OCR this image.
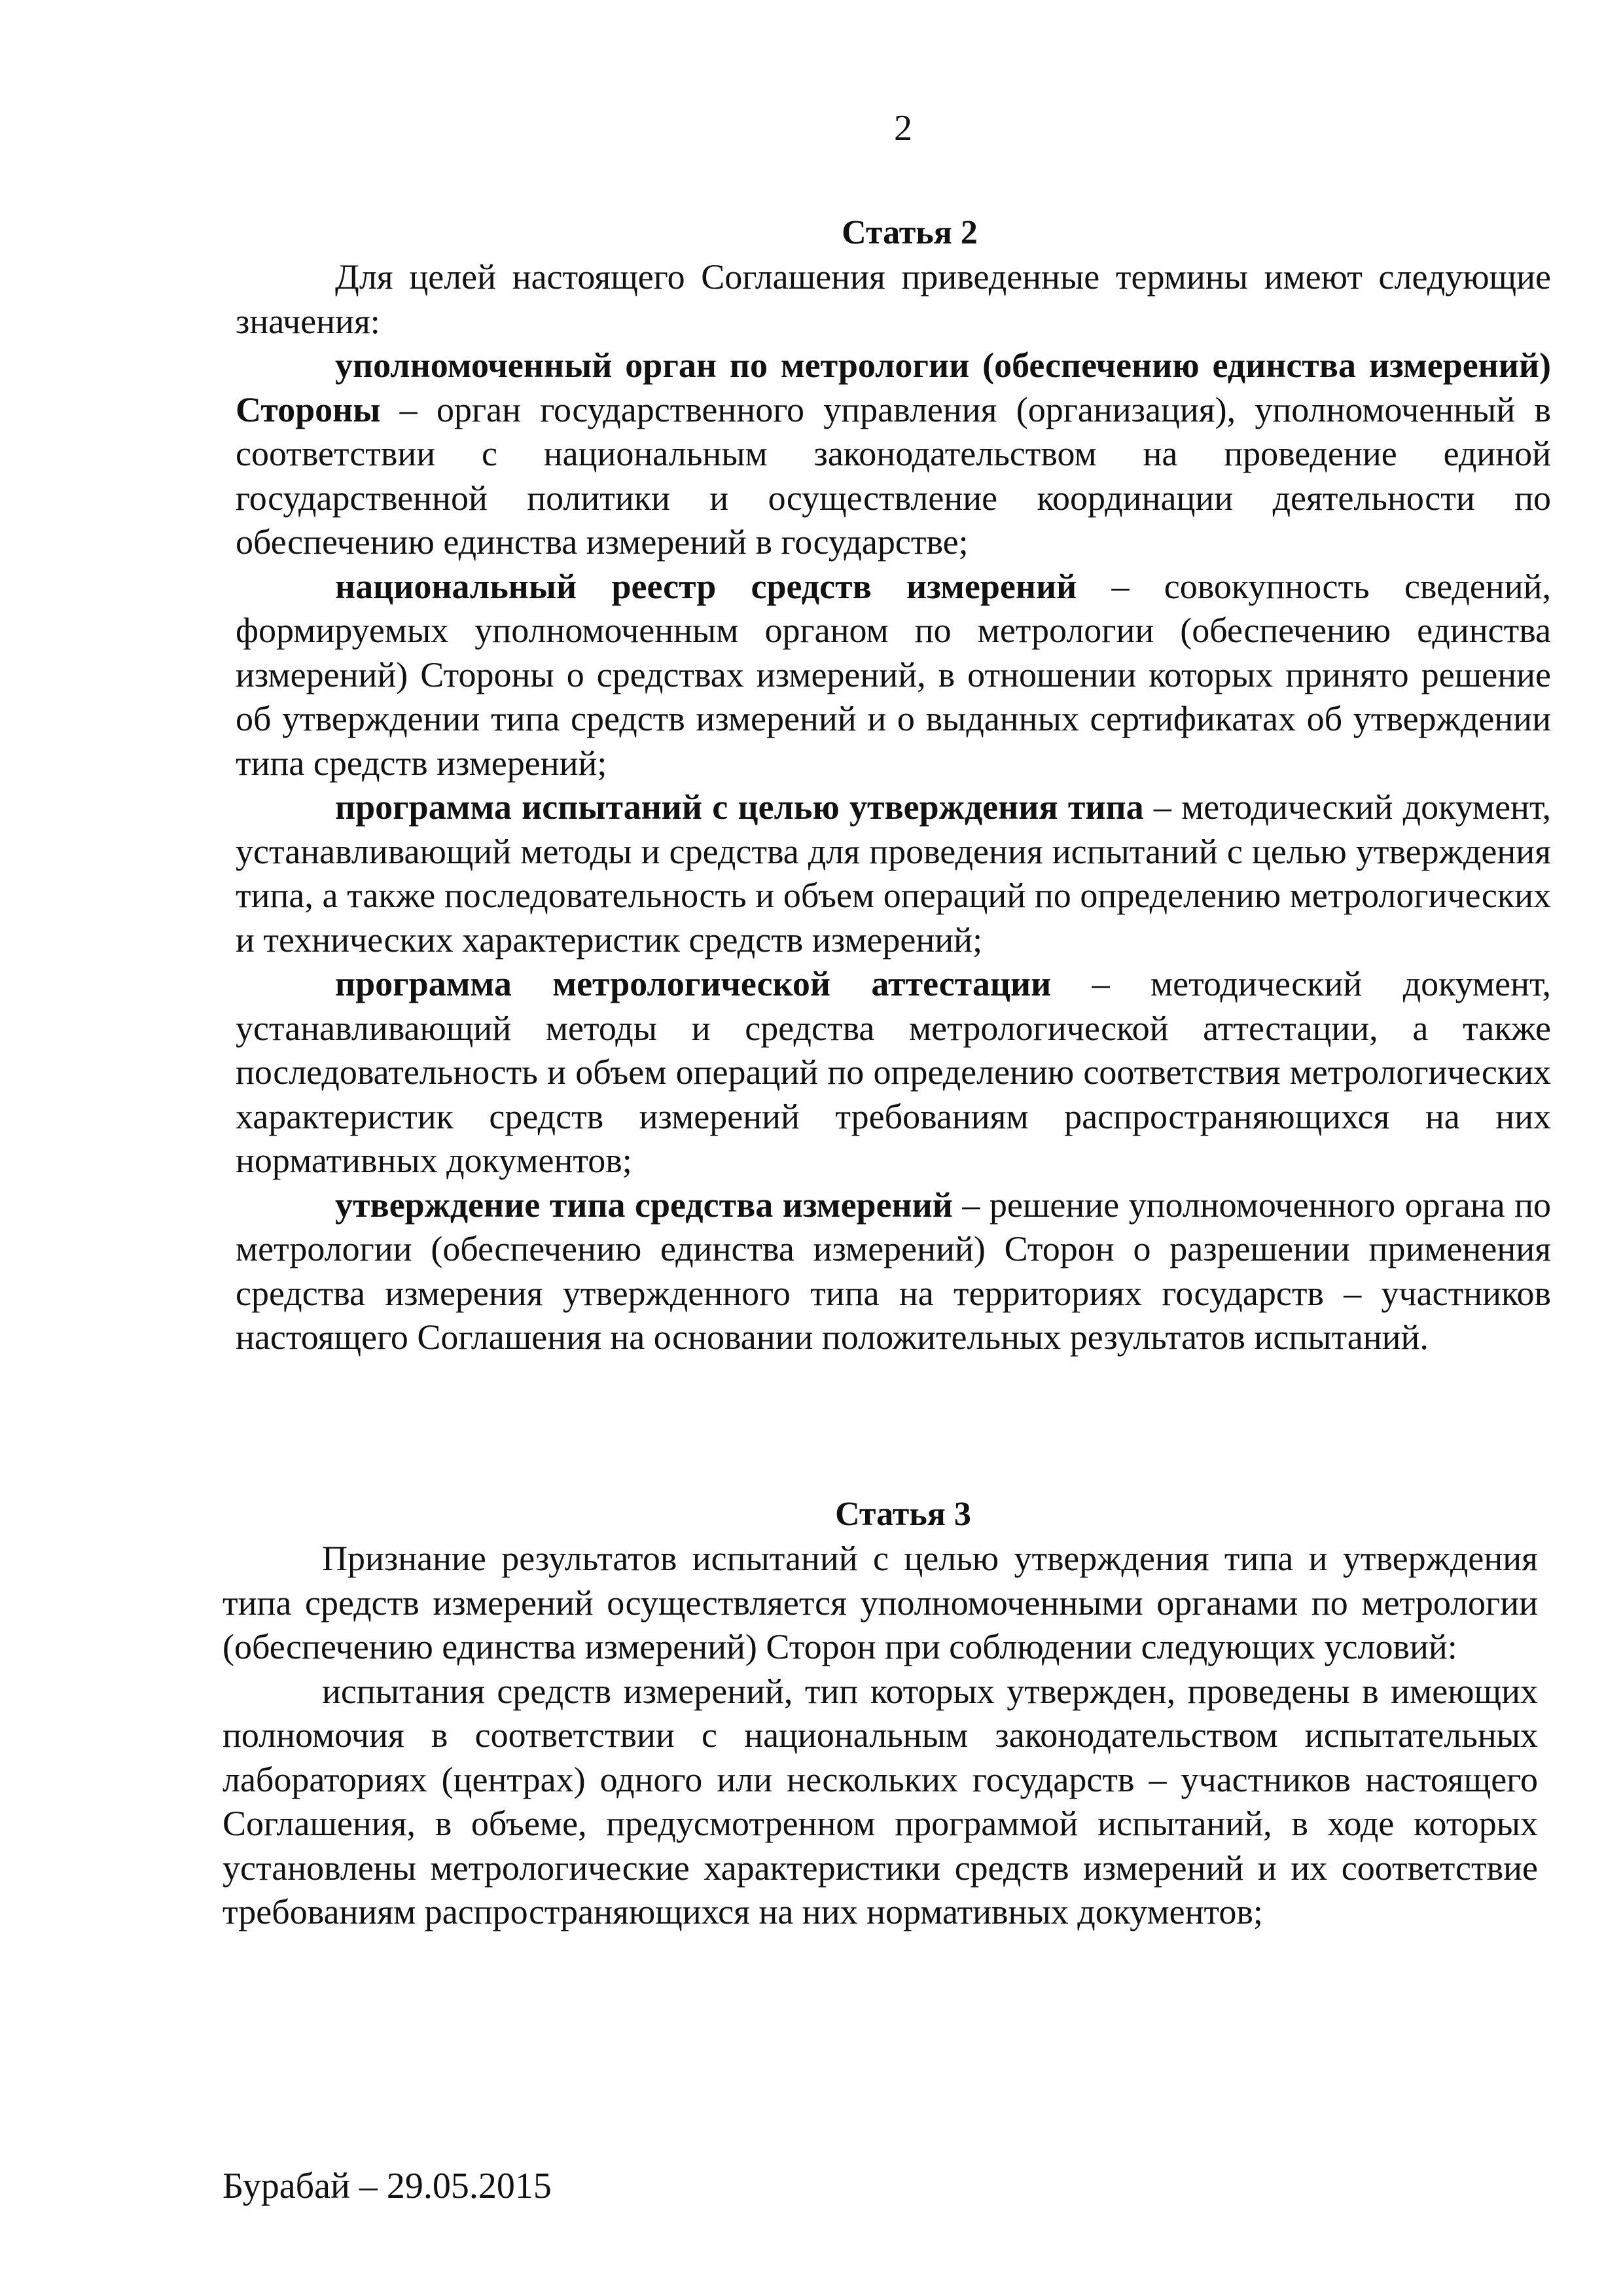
2
Статья 2

Для целей настоящего Соглашения приведенные термины имеют следующие значения:

уполномоченный орган по метрологии (обеспечению единства измерений) Стороны – орган государственного управления (организация), уполномоченный в соответствии с национальным законодательством на проведение единой государственной политики и осуществление координации деятельности по обеспечению единства измерений в государстве;

национальный реестр средств измерений – совокупность сведений, формируемых уполномоченным органом по метрологии (обеспечению единства измерений) Стороны о средствах измерений, в отношении которых принято решение об утверждении типа средств измерений и о выданных сертификатах об утверждении типа средств измерений;

программа испытаний с целью утверждения типа – методический документ, устанавливающий методы и средства для проведения испытаний с целью утверждения типа, а также последовательность и объем операций по определению метрологических и технических характеристик средств измерений;

программа метрологической аттестации – методический документ, устанавливающий методы и средства метрологической аттестации, а также последовательность и объем операций по определению соответствия метрологических характеристик средств измерений требованиям распространяющихся на них нормативных документов;

утверждение типа средства измерений – решение уполномоченного органа по метрологии (обеспечению единства измерений) Сторон о разрешении применения средства измерения утвержденного типа на территориях государств – участников настоящего Соглашения на основании положительных результатов испытаний.

Статья 3

Признание результатов испытаний с целью утверждения типа и утверждения типа средств измерений осуществляется уполномоченными органами по метрологии (обеспечению единства измерений) Сторон при соблюдении следующих условий:

испытания средств измерений, тип которых утвержден, проведены в имеющих полномочия в соответствии с национальным законодательством испытательных лабораториях (центрах) одного или нескольких государств – участников настоящего Соглашения, в объеме, предусмотренном программой испытаний, в ходе которых установлены метрологические характеристики средств измерений и их соответствие требованиям распространяющихся на них нормативных документов;

Бурабай – 29.05.2015
